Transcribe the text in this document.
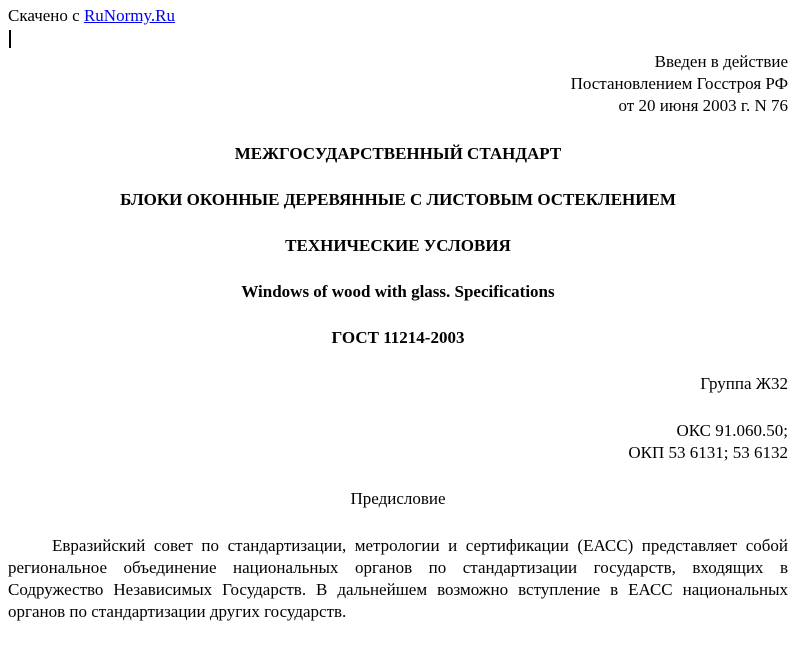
Скачено с RuNormy.Ru
Введен в действие
Постановлением Госстроя РФ
от 20 июня 2003 г. N 76
МЕЖГОСУДАРСТВЕННЫЙ СТАНДАРТ
БЛОКИ ОКОННЫЕ ДЕРЕВЯННЫЕ С ЛИСТОВЫМ ОСТЕКЛЕНИЕМ
ТЕХНИЧЕСКИЕ УСЛОВИЯ
Windows of wood with glass. Specifications
ГОСТ 11214-2003
Группа Ж32
ОКС 91.060.50;
ОКП 53 6131; 53 6132
Предисловие
Евразийский совет по стандартизации, метрологии и сертификации (ЕАСС) представляет собой региональное объединение национальных органов по стандартизации государств, входящих в Содружество Независимых Государств. В дальнейшем возможно вступление в ЕАСС национальных органов по стандартизации других государств.
